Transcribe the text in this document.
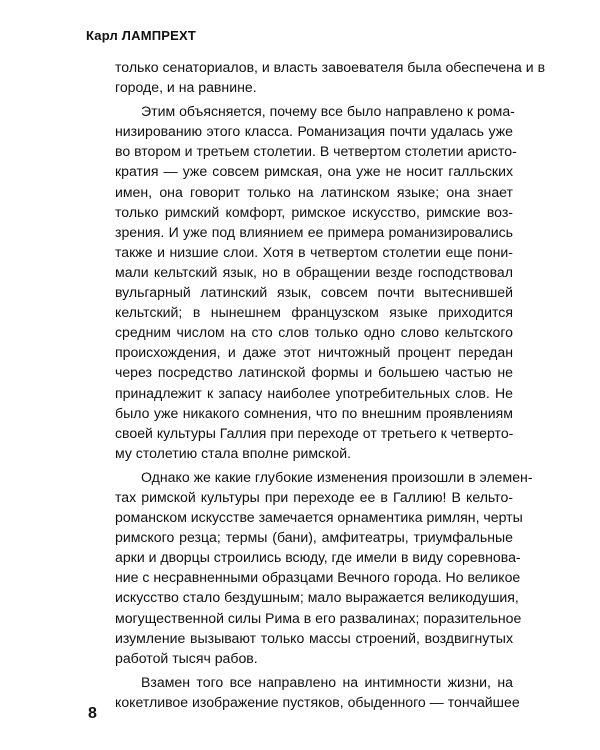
Карл ЛАМПРЕХТ
только сенаториалов, и власть завоевателя была обеспечена и в
городе, и на равнине.
Этим объясняется, почему все было направлено к рома-
низированию этого класса. Романизация почти удалась уже
во втором и третьем столетии. В четвертом столетии аристо-
кратия — уже совсем римская, она уже не носит галльских
имен, она говорит только на латинском языке; она знает
только римский комфорт, римское искусство, римские воз-
зрения. И уже под влиянием ее примера романизировались
также и низшие слои. Хотя в четвертом столетии еще пони-
мали кельтский язык, но в обращении везде господствовал
вульгарный латинский язык, совсем почти вытеснившей
кельтский; в нынешнем французском языке приходится
средним числом на сто слов только одно слово кельтского
происхождения, и даже этот ничтожный процент передан
через посредство латинской формы и большею частью не
принадлежит к запасу наиболее употребительных слов. Не
было уже никакого сомнения, что по внешним проявлениям
своей культуры Галлия при переходе от третьего к четверто-
му столетию стала вполне римской.
Однако же какие глубокие изменения произошли в элемен-
тах римской культуры при переходе ее в Галлию! В кельто-
романском искусстве замечается орнаментика римлян, черты
римского резца; термы (бани), амфитеатры, триумфальные
арки и дворцы строились всюду, где имели в виду соревнова-
ние с несравненными образцами Вечного города. Но великое
искусство стало бездушным; мало выражается великодушия,
могущественной силы Рима в его развалинах; поразительное
изумление вызывают только массы строений, воздвигнутых
работой тысяч рабов.
Взамен того все направлено на интимности жизни, на
кокетливое изображение пустяков, обыденного — тончайшее
8
